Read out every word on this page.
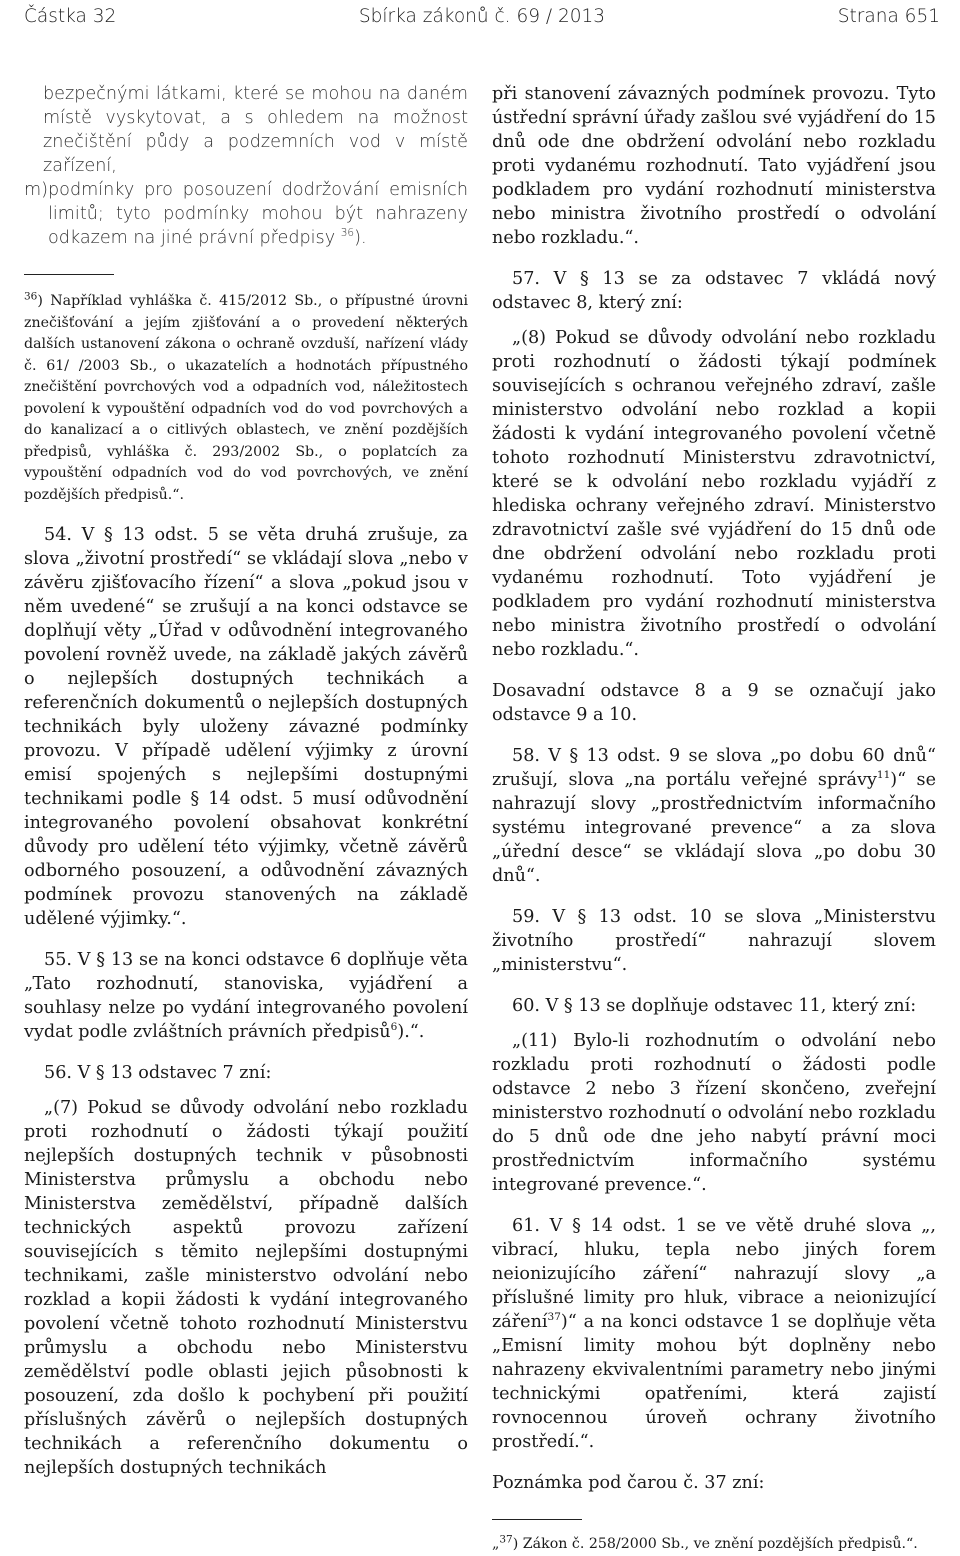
Částka 32	Sbírka zákonů č. 69 / 2013	Strana 651

bezpečnými látkami, které se mohou na daném místě vyskytovat, a s ohledem na možnost znečištění půdy a podzemních vod v místě zařízení,

m) podmínky pro posouzení dodržování emisních limitů; tyto podmínky mohou být nahrazeny odkazem na jiné právní předpisy $^{36}$).

$^{36}$) Například vyhláška č. 415/2012 Sb., o přípustné úrovni znečišťování a jejím zjišťování a o provedení některých dalších ustanovení zákona o ochraně ovzduší, nařízení vlády č. 61/ /2003 Sb., o ukazatelích a hodnotách přípustného znečištění povrchových vod a odpadních vod, náležitostech povolení k vypouštění odpadních vod do vod povrchových a do kanalizací a o citlivých oblastech, ve znění pozdějších předpisů, vyhláška č. 293/2002 Sb., o poplatcích za vypouštění odpadních vod do vod povrchových, ve znění pozdějších předpisů.“.

54. V § 13 odst. 5 se věta druhá zrušuje, za slova „životní prostředí“ se vkládají slova „nebo v závěru zjišťovacího řízení“ a slova „pokud jsou v něm uvedené“ se zrušují a na konci odstavce se doplňují věty „Úřad v odůvodnění integrovaného povolení rovněž uvede, na základě jakých závěrů o nejlepších dostupných technikách a referenčních dokumentů o nejlepších dostupných technikách byly uloženy závazné podmínky provozu. V případě udělení výjimky z úrovní emisí spojených s nejlepšími dostupnými technikami podle § 14 odst. 5 musí odůvodnění integrovaného povolení obsahovat konkrétní důvody pro udělení této výjimky, včetně závěrů odborného posouzení, a odůvodnění závazných podmínek provozu stanovených na základě udělené výjimky.“.

55. V § 13 se na konci odstavce 6 doplňuje věta „Tato rozhodnutí, stanoviska, vyjádření a souhlasy nelze po vydání integrovaného povolení vydat podle zvláštních právních předpisů$^6$).“.

56. V § 13 odstavec 7 zní:

„(7) Pokud se důvody odvolání nebo rozkladu proti rozhodnutí o žádosti týkají použití nejlepších dostupných technik v působnosti Ministerstva průmyslu a obchodu nebo Ministerstva zemědělství, případně dalších technických aspektů provozu zařízení souvisejících s těmito nejlepšími dostupnými technikami, zašle ministerstvo odvolání nebo rozklad a kopii žádosti k vydání integrovaného povolení včetně tohoto rozhodnutí Ministerstvu průmyslu a obchodu nebo Ministerstvu zemědělství podle oblasti jejich působnosti k posouzení, zda došlo k pochybení při použití příslušných závěrů o nejlepších dostupných technikách a referenčního dokumentu o nejlepších dostupných technikách

při stanovení závazných podmínek provozu. Tyto ústřední správní úřady zašlou své vyjádření do 15 dnů ode dne obdržení odvolání nebo rozkladu proti vydanému rozhodnutí. Tato vyjádření jsou podkladem pro vydání rozhodnutí ministerstva nebo ministra životního prostředí o odvolání nebo rozkladu.“.

57. V § 13 se za odstavec 7 vkládá nový odstavec 8, který zní:

„(8) Pokud se důvody odvolání nebo rozkladu proti rozhodnutí o žádosti týkají podmínek souvisejících s ochranou veřejného zdraví, zašle ministerstvo odvolání nebo rozklad a kopii žádosti k vydání integrovaného povolení včetně tohoto rozhodnutí Ministerstvu zdravotnictví, které se k odvolání nebo rozkladu vyjádří z hlediska ochrany veřejného zdraví. Ministerstvo zdravotnictví zašle své vyjádření do 15 dnů ode dne obdržení odvolání nebo rozkladu proti vydanému rozhodnutí. Toto vyjádření je podkladem pro vydání rozhodnutí ministerstva nebo ministra životního prostředí o odvolání nebo rozkladu.“.

Dosavadní odstavce 8 a 9 se označují jako odstavce 9 a 10.

58. V § 13 odst. 9 se slova „po dobu 60 dnů“ zrušují, slova „na portálu veřejné správy$^{11}$)“ se nahrazují slovy „prostřednictvím informačního systému integrované prevence“ a za slova „úřední desce“ se vkládají slova „po dobu 30 dnů“.

59. V § 13 odst. 10 se slova „Ministerstvu životního prostředí“ nahrazují slovem „ministerstvu“.

60. V § 13 se doplňuje odstavec 11, který zní:

„(11) Bylo-li rozhodnutím o odvolání nebo rozkladu proti rozhodnutí o žádosti podle odstavce 2 nebo 3 řízení skončeno, zveřejní ministerstvo rozhodnutí o odvolání nebo rozkladu do 5 dnů ode dne jeho nabytí právní moci prostřednictvím informačního systému integrované prevence.“.

61. V § 14 odst. 1 se ve větě druhé slova „, vibrací, hluku, tepla nebo jiných forem neionizujícího záření“ nahrazují slovy „a příslušné limity pro hluk, vibrace a neionizující záření$^{37}$)“ a na konci odstavce 1 se doplňuje věta „Emisní limity mohou být doplněny nebo nahrazeny ekvivalentními parametry nebo jinými technickými opatřeními, která zajistí rovnocennou úroveň ochrany životního prostředí.“.

Poznámka pod čarou č. 37 zní:

„$^{37}$) Zákon č. 258/2000 Sb., ve znění pozdějších předpisů.“.
